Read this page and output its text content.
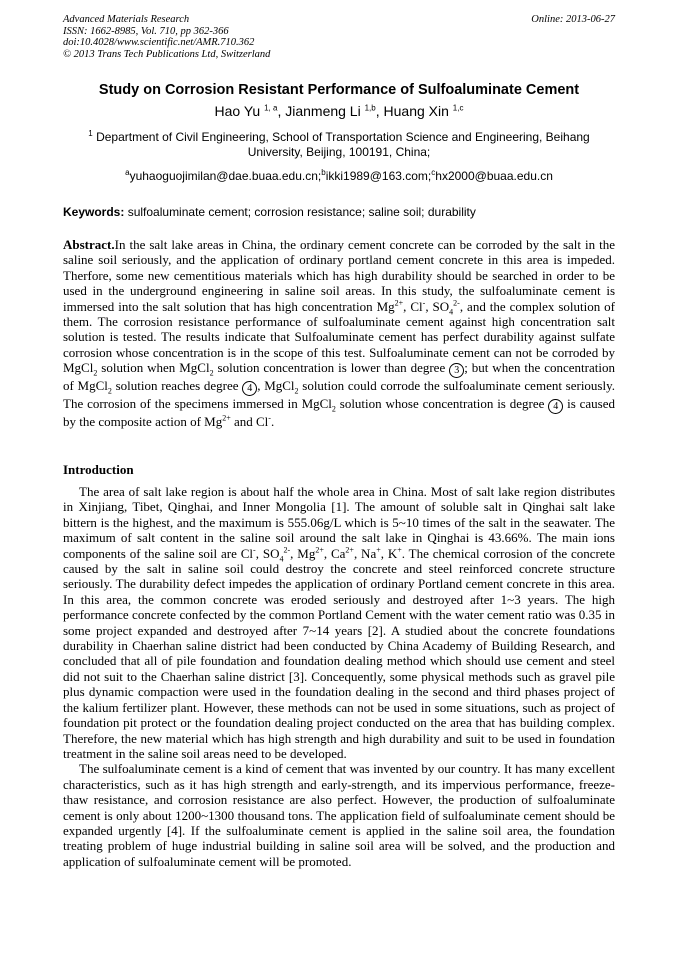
Advanced Materials Research
ISSN: 1662-8985, Vol. 710, pp 362-366
doi:10.4028/www.scientific.net/AMR.710.362
© 2013 Trans Tech Publications Ltd, Switzerland
Online: 2013-06-27
Study on Corrosion Resistant Performance of Sulfoaluminate Cement
Hao Yu $^{1, a}$, Jianmeng Li $^{1,b}$, Huang Xin $^{1,c}$
$^1$ Department of Civil Engineering, School of Transportation Science and Engineering, Beihang University, Beijing, 100191, China;
$^a$yuhaoguojimilan@dae.buaa.edu.cn;$^b$ikki1989@163.com;$^c$hx2000@buaa.edu.cn
Keywords: sulfoaluminate cement; corrosion resistance; saline soil; durability
Abstract.In the salt lake areas in China, the ordinary cement concrete can be corroded by the salt in the saline soil seriously, and the application of ordinary portland cement concrete in this area is impeded. Therfore, some new cementitious materials which has high durability should be searched in order to be used in the underground engineering in saline soil areas. In this study, the sulfoaluminate cement is immersed into the salt solution that has high concentration $Mg^{2+}$, Cl-, $SO_4^{2-}$, and the complex solution of them. The corrosion resistance performance of sulfoaluminate cement against high concentration salt solution is tested. The results indicate that Sulfoaluminate cement has perfect durability against sulfate corrosion whose concentration is in the scope of this test. Sulfoaluminate cement can not be corroded by MgCl$_2$ solution when MgCl$_2$ solution concentration is lower than degree 3 ; but when the concentration of MgCl$_2$ solution reaches degree 4 , MgCl$_2$ solution could corrode the sulfoaluminate cement seriously. The corrosion of the specimens immersed in MgCl$_2$ solution whose concentration is degree 4 is caused by the composite action of $Mg^{2+}$ and Cl-.
Introduction

The area of salt lake region is about half the whole area in China. Most of salt lake region distributes in Xinjiang, Tibet, Qinghai, and Inner Mongolia [1]. The amount of soluble salt in Qinghai salt lake bittern is the highest, and the maximum is 555.06g/L which is 5~10 times of the salt in the seawater. The maximum of salt content in the saline soil around the salt lake in Qinghai is 43.66%. The main ions components of the saline soil are Cl-, $SO_4^{2-}$, $Mg^{2+}$, $Ca^{2+}$, Na+, K+. The chemical corrosion of the concrete caused by the salt in saline soil could destroy the concrete and steel reinforced concrete structure seriously. The durability defect impedes the application of ordinary Portland cement concrete in this area. In this area, the common concrete was eroded seriously and destroyed after 1~3 years. The high performance concrete confected by the common Portland Cement with the water cement ratio was 0.35 in some project expanded and destroyed after 7~14 years [2]. A studied about the concrete foundations durability in Chaerhan saline district had been conducted by China Academy of Building Research, and concluded that all of pile foundation and foundation dealing method which should use cement and steel did not suit to the Chaerhan saline district [3]. Concequently, some physical methods such as gravel pile plus dynamic compaction were used in the foundation dealing in the second and third phases project of the kalium fertilizer plant. However, these methods can not be used in some situations, such as project of foundation pit protect or the foundation dealing project conducted on the area that has building complex. Therefore, the new material which has high strength and high durability and suit to be used in foundation treatment in the saline soil areas need to be developed.

The sulfoaluminate cement is a kind of cement that was invented by our country. It has many excellent characteristics, such as it has high strength and early-strength, and its impervious performance, freeze-thaw resistance, and corrosion resistance are also perfect. However, the production of sulfoaluminate cement is only about 1200~1300 thousand tons. The application field of sulfoaluminate cement should be expanded urgently [4]. If the sulfoaluminate cement is applied in the saline soil area, the foundation treating problem of huge industrial building in saline soil area will be solved, and the production and application of sulfoaluminate cement will be promoted.
